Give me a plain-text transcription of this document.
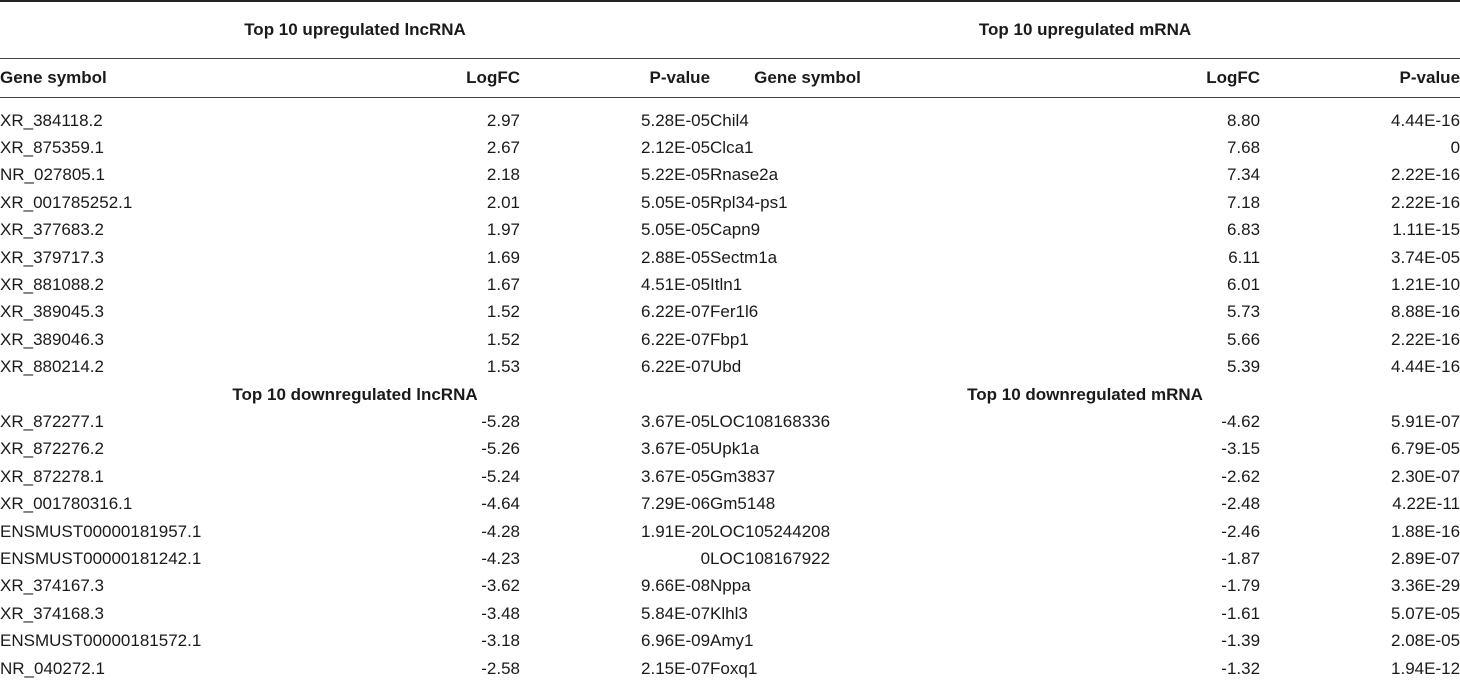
Top 10 upregulated lncRNA			Top 10 upregulated mRNA		
Gene symbol	LogFC	P-value	Gene symbol	LogFC	P-value

XR_384118.2	2.97	5.28E-05	Chil4	8.80	4.44E-16
XR_875359.1	2.67	2.12E-05	Clca1	7.68	0
NR_027805.1	2.18	5.22E-05	Rnase2a	7.34	2.22E-16
XR_001785252.1	2.01	5.05E-05	Rpl34-ps1	7.18	2.22E-16
XR_377683.2	1.97	5.05E-05	Capn9	6.83	1.11E-15
XR_379717.3	1.69	2.88E-05	Sectm1a	6.11	3.74E-05
XR_881088.2	1.67	4.51E-05	Itln1	6.01	1.21E-10
XR_389045.3	1.52	6.22E-07	Fer1l6	5.73	8.88E-16
XR_389046.3	1.52	6.22E-07	Fbp1	5.66	2.22E-16
XR_880214.2	1.53	6.22E-07	Ubd	5.39	4.44E-16
Top 10 downregulated lncRNA			Top 10 downregulated mRNA		
XR_872277.1	-5.28	3.67E-05	LOC108168336	-4.62	5.91E-07
XR_872276.2	-5.26	3.67E-05	Upk1a	-3.15	6.79E-05
XR_872278.1	-5.24	3.67E-05	Gm3837	-2.62	2.30E-07
XR_001780316.1	-4.64	7.29E-06	Gm5148	-2.48	4.22E-11
ENSMUST00000181957.1	-4.28	1.91E-20	LOC105244208	-2.46	1.88E-16
ENSMUST00000181242.1	-4.23	0	LOC108167922	-1.87	2.89E-07
XR_374167.3	-3.62	9.66E-08	Nppa	-1.79	3.36E-29
XR_374168.3	-3.48	5.84E-07	Klhl3	-1.61	5.07E-05
ENSMUST00000181572.1	-3.18	6.96E-09	Amy1	-1.39	2.08E-05
NR_040272.1	-2.58	2.15E-07	Foxq1	-1.32	1.94E-12
